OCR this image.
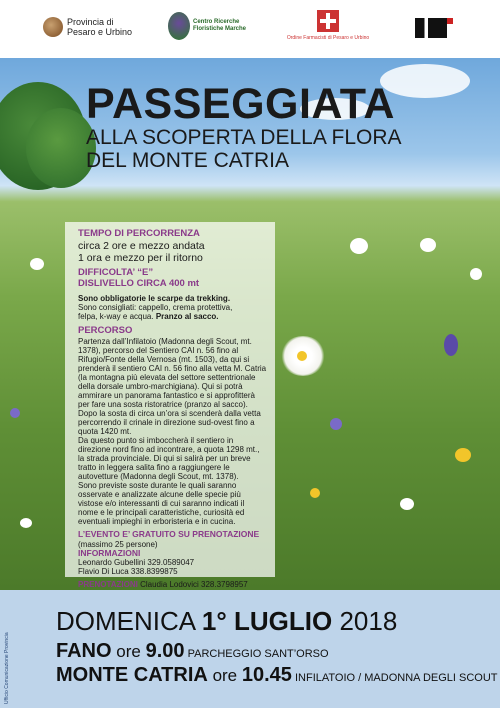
Provincia di
Pesaro e Urbino
Centro Ricerche
Floristiche Marche
Ordine Farmacisti di Pesaro e Urbino
PASSEGGIATA
ALLA SCOPERTA DELLA FLORA
DEL MONTE CATRIA
TEMPO DI PERCORRENZA
circa 2 ore e mezzo andata
1 ora e mezzo per il ritorno
DIFFICOLTA’ “E”
DISLIVELLO CIRCA 400 mt
Sono obbligatorie le scarpe da trekking.
Sono consigliati: cappello, crema protettiva,
felpa, k-way e acqua. Pranzo al sacco.
PERCORSO
Partenza dall’Infilatoio (Madonna degli Scout, mt.
1378), percorso del Sentiero CAI n. 56 fino al
Rifugio/Fonte della Vernosa (mt. 1503), da qui si
prenderà il sentiero CAI n. 56 fino alla vetta M. Catria
(la montagna più elevata del settore settentrionale
della dorsale umbro-marchigiana). Qui si potrà
ammirare un panorama fantastico e si approfitterà
per fare una sosta ristoratrice (pranzo al sacco).
Dopo la sosta di circa un’ora si scenderà dalla vetta
percorrendo il crinale in direzione sud-ovest fino a
quota 1420 mt.
Da questo punto si imboccherà il sentiero in
direzione nord fino ad incontrare, a quota 1298 mt.,
la strada provinciale. Di qui si salirà per un breve
tratto in leggera salita fino a raggiungere le
autovetture (Madonna degli Scout, mt. 1378).
Sono previste soste durante le quali saranno
osservate e analizzate alcune delle specie più
vistose e/o interessanti di cui saranno indicati il
nome e le principali caratteristiche, curiosità ed
eventuali impieghi in erboristeria e in cucina.
L’EVENTO E’ GRATUITO SU PRENOTAZIONE
(massimo 25 persone)
INFORMAZIONI
Leonardo Gubellini 329.0589047
Flavio Di Luca 338.8399875
PRENOTAZIONI Claudia Lodovici 328.3798957
Ufficio Comunicazione Provincia
DOMENICA 1° LUGLIO 2018
FANO ore 9.00 PARCHEGGIO SANT’ORSO
MONTE CATRIA ore 10.45 INFILATOIO / MADONNA DEGLI SCOUT
